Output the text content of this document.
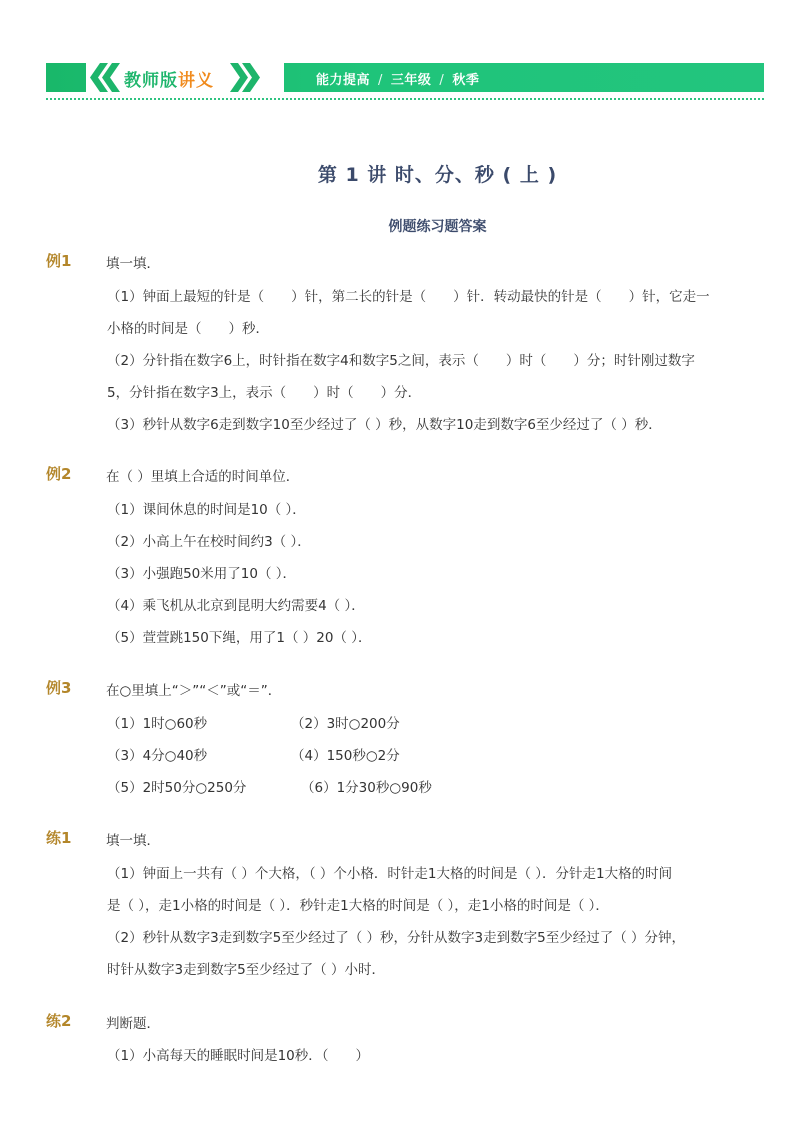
教师版讲义	能力提高 / 三年级 / 秋季
第 1 讲 时、分、秒 ( 上 )
例题练习题答案
例1	填一填．
（1）钟面上最短的针是（　　）针，第二长的针是（　　）针．转动最快的针是（　　）针，它走一
小格的时间是（　　）秒．
（2）分针指在数字6上，时针指在数字4和数字5之间，表示（　　）时（　　）分；时针刚过数字
5，分针指在数字3上，表示（　　）时（　　）分．
（3）秒针从数字6走到数字10至少经过了（ ）秒，从数字10走到数字6至少经过了（ ）秒．
例2	在（ ）里填上合适的时间单位．
（1）课间休息的时间是10（ ）．
（2）小高上午在校时间约3（ ）．
（3）小强跑50米用了10（ ）．
（4）乘飞机从北京到昆明大约需要4（ ）．
（5）萱萱跳150下绳，用了1（ ）20（ ）．
例3	在○里填上“＞”“＜”或“＝”．
（1）1时○60秒	（2）3时○200分
（3）4分○40秒	（4）150秒○2分
（5）2时50分○250分	（6）1分30秒○90秒
练1	填一填．
（1）钟面上一共有（ ）个大格，（ ）个小格．时针走1大格的时间是（ ）．分针走1大格的时间
是（ ），走1小格的时间是（ ）．秒针走1大格的时间是（ ），走1小格的时间是（ ）．
（2）秒针从数字3走到数字5至少经过了（ ）秒，分针从数字3走到数字5至少经过了（ ）分钟，
时针从数字3走到数字5至少经过了（ ）小时．
练2	判断题．
（1）小高每天的睡眠时间是10秒．（　　）
